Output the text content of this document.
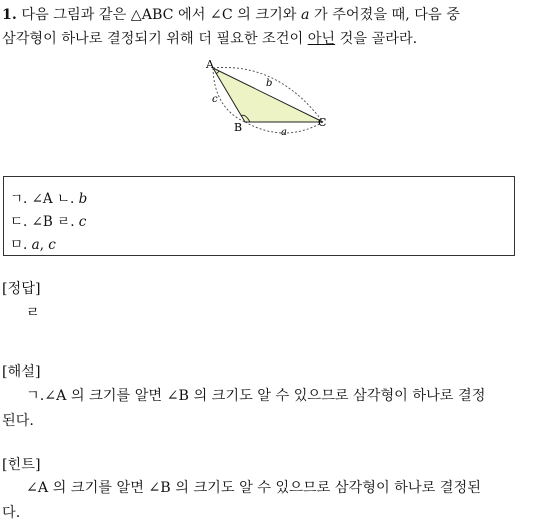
1. 다음 그림과 같은 △ABC 에서 ∠C 의 크기와 a 가 주어졌을 때, 다음 중
삼각형이 하나로 결정되기 위해 더 필요한 조건이 아닌 것을 골라라.
A
B	C
b
c
a
ㄱ. ∠A ㄴ. b
ㄷ. ∠B ㄹ. c
ㅁ. a, c
[정답]
ㄹ
[해설]
ㄱ.∠A 의 크기를 알면 ∠B 의 크기도 알 수 있으므로 삼각형이 하나로 결정
된다.
[힌트]
∠A 의 크기를 알면 ∠B 의 크기도 알 수 있으므로 삼각형이 하나로 결정된
다.
